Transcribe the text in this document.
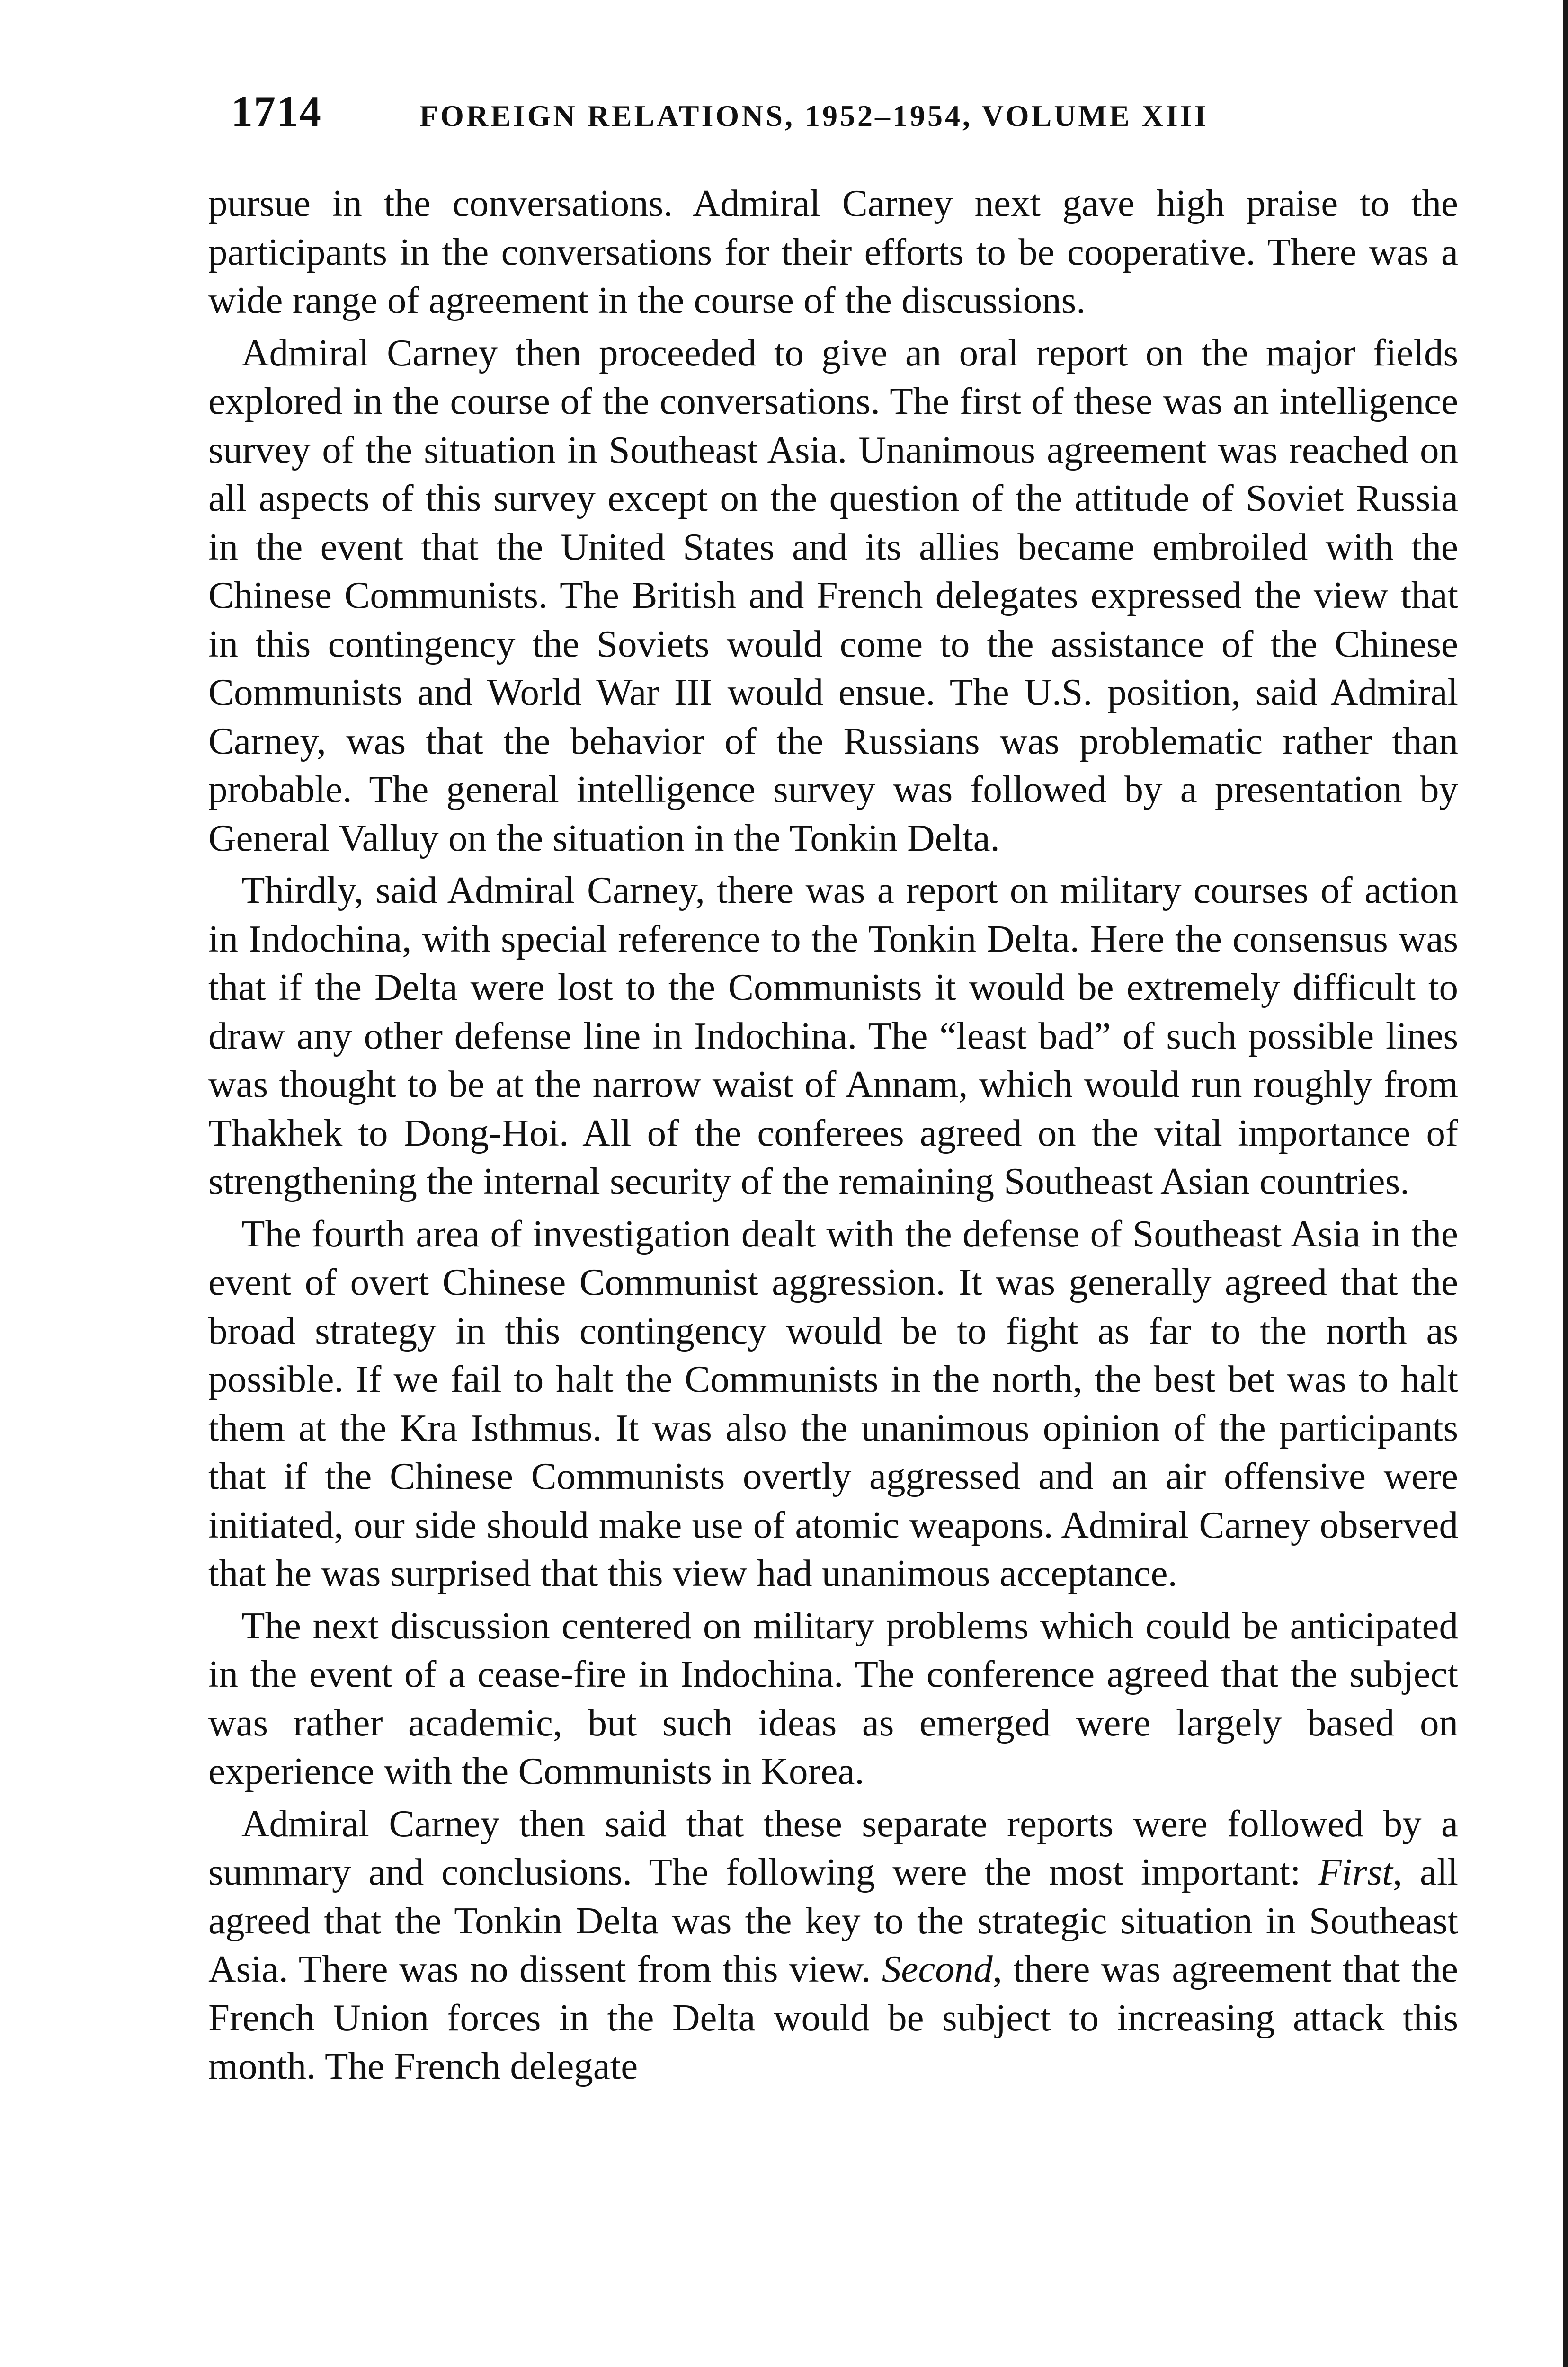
1714	FOREIGN RELATIONS, 1952–1954, VOLUME XIII

pursue in the conversations. Admiral Carney next gave high praise to the participants in the conversations for their efforts to be cooperative. There was a wide range of agreement in the course of the discussions.

Admiral Carney then proceeded to give an oral report on the major fields explored in the course of the conversations. The first of these was an intelligence survey of the situation in Southeast Asia. Unanimous agreement was reached on all aspects of this survey except on the question of the attitude of Soviet Russia in the event that the United States and its allies became embroiled with the Chinese Communists. The British and French delegates expressed the view that in this contingency the Soviets would come to the assistance of the Chinese Communists and World War III would ensue. The U.S. position, said Admiral Carney, was that the behavior of the Russians was problematic rather than probable. The general intelligence survey was followed by a presentation by General Valluy on the situation in the Tonkin Delta.

Thirdly, said Admiral Carney, there was a report on military courses of action in Indochina, with special reference to the Tonkin Delta. Here the consensus was that if the Delta were lost to the Communists it would be extremely difficult to draw any other defense line in Indochina. The “least bad” of such possible lines was thought to be at the narrow waist of Annam, which would run roughly from Thakhek to Dong-Hoi. All of the conferees agreed on the vital importance of strengthening the internal security of the remaining Southeast Asian countries.

The fourth area of investigation dealt with the defense of Southeast Asia in the event of overt Chinese Communist aggression. It was generally agreed that the broad strategy in this contingency would be to fight as far to the north as possible. If we fail to halt the Communists in the north, the best bet was to halt them at the Kra Isthmus. It was also the unanimous opinion of the participants that if the Chinese Communists overtly aggressed and an air offensive were initiated, our side should make use of atomic weapons. Admiral Carney observed that he was surprised that this view had unanimous acceptance.

The next discussion centered on military problems which could be anticipated in the event of a cease-fire in Indochina. The conference agreed that the subject was rather academic, but such ideas as emerged were largely based on experience with the Communists in Korea.

Admiral Carney then said that these separate reports were followed by a summary and conclusions. The following were the most important: First, all agreed that the Tonkin Delta was the key to the strategic situation in Southeast Asia. There was no dissent from this view. Second, there was agreement that the French Union forces in the Delta would be subject to increasing attack this month. The French delegate
